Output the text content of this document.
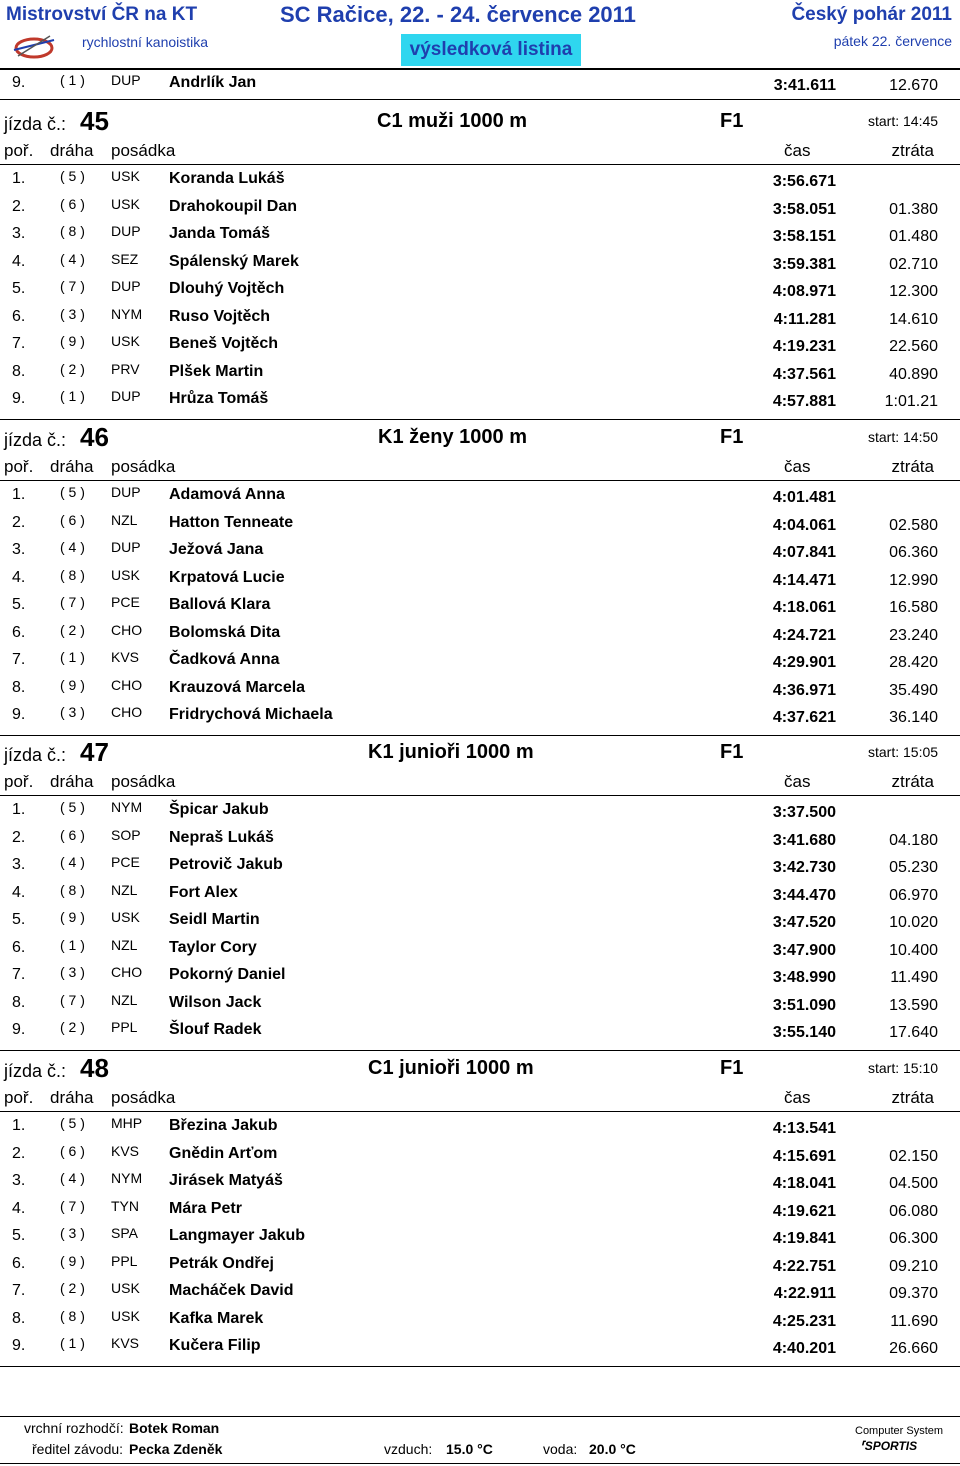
Mistrovství ČR na KT	SC Račice, 22. - 24. července 2011	Český pohár 2011
rychlostní kanoistika	výsledková listina	pátek 22. července
9. ( 1 ) DUP Andrlík Jan	3:41.611	12.670
jízda č.: 45	C1 muži 1000 m	F1	start: 14:45
poř. dráha posádka	čas	ztráta
1. ( 5 ) USK Koranda Lukáš	3:56.671
2. ( 6 ) USK Drahokoupil Dan	3:58.051	01.380
3. ( 8 ) DUP Janda Tomáš	3:58.151	01.480
4. ( 4 ) SEZ Spálenský Marek	3:59.381	02.710
5. ( 7 ) DUP Dlouhý Vojtěch	4:08.971	12.300
6. ( 3 ) NYM Ruso Vojtěch	4:11.281	14.610
7. ( 9 ) USK Beneš Vojtěch	4:19.231	22.560
8. ( 2 ) PRV Plšek Martin	4:37.561	40.890
9. ( 1 ) DUP Hrůza Tomáš	4:57.881	1:01.21
jízda č.: 46	K1 ženy 1000 m	F1	start: 14:50
poř. dráha posádka	čas	ztráta
1. ( 5 ) DUP Adamová Anna	4:01.481
2. ( 6 ) NZL Hatton Tenneate	4:04.061	02.580
3. ( 4 ) DUP Ježová Jana	4:07.841	06.360
4. ( 8 ) USK Krpatová Lucie	4:14.471	12.990
5. ( 7 ) PCE Ballová Klara	4:18.061	16.580
6. ( 2 ) CHO Bolomská Dita	4:24.721	23.240
7. ( 1 ) KVS Čadková Anna	4:29.901	28.420
8. ( 9 ) CHO Krauzová Marcela	4:36.971	35.490
9. ( 3 ) CHO Fridrychová Michaela	4:37.621	36.140
jízda č.: 47	K1 junioři 1000 m	F1	start: 15:05
poř. dráha posádka	čas	ztráta
1. ( 5 ) NYM Špicar Jakub	3:37.500
2. ( 6 ) SOP Nepraš Lukáš	3:41.680	04.180
3. ( 4 ) PCE Petrovič Jakub	3:42.730	05.230
4. ( 8 ) NZL Fort Alex	3:44.470	06.970
5. ( 9 ) USK Seidl Martin	3:47.520	10.020
6. ( 1 ) NZL Taylor Cory	3:47.900	10.400
7. ( 3 ) CHO Pokorný Daniel	3:48.990	11.490
8. ( 7 ) NZL Wilson Jack	3:51.090	13.590
9. ( 2 ) PPL Šlouf Radek	3:55.140	17.640
jízda č.: 48	C1 junioři 1000 m	F1	start: 15:10
poř. dráha posádka	čas	ztráta
1. ( 5 ) MHP Březina Jakub	4:13.541
2. ( 6 ) KVS Gnědin Arťom	4:15.691	02.150
3. ( 4 ) NYM Jirásek Matyáš	4:18.041	04.500
4. ( 7 ) TYN Mára Petr	4:19.621	06.080
5. ( 3 ) SPA Langmayer Jakub	4:19.841	06.300
6. ( 9 ) PPL Petrák Ondřej	4:22.751	09.210
7. ( 2 ) USK Macháček David	4:22.911	09.370
8. ( 8 ) USK Kafka Marek	4:25.231	11.690
9. ( 1 ) KVS Kučera Filip	4:40.201	26.660
vrchní rozhodčí: Botek Roman
ředitel závodu: Pecka Zdeněk	vzduch: 15.0 °C	voda: 20.0 °C
Computer System
⸢SPORTIS
